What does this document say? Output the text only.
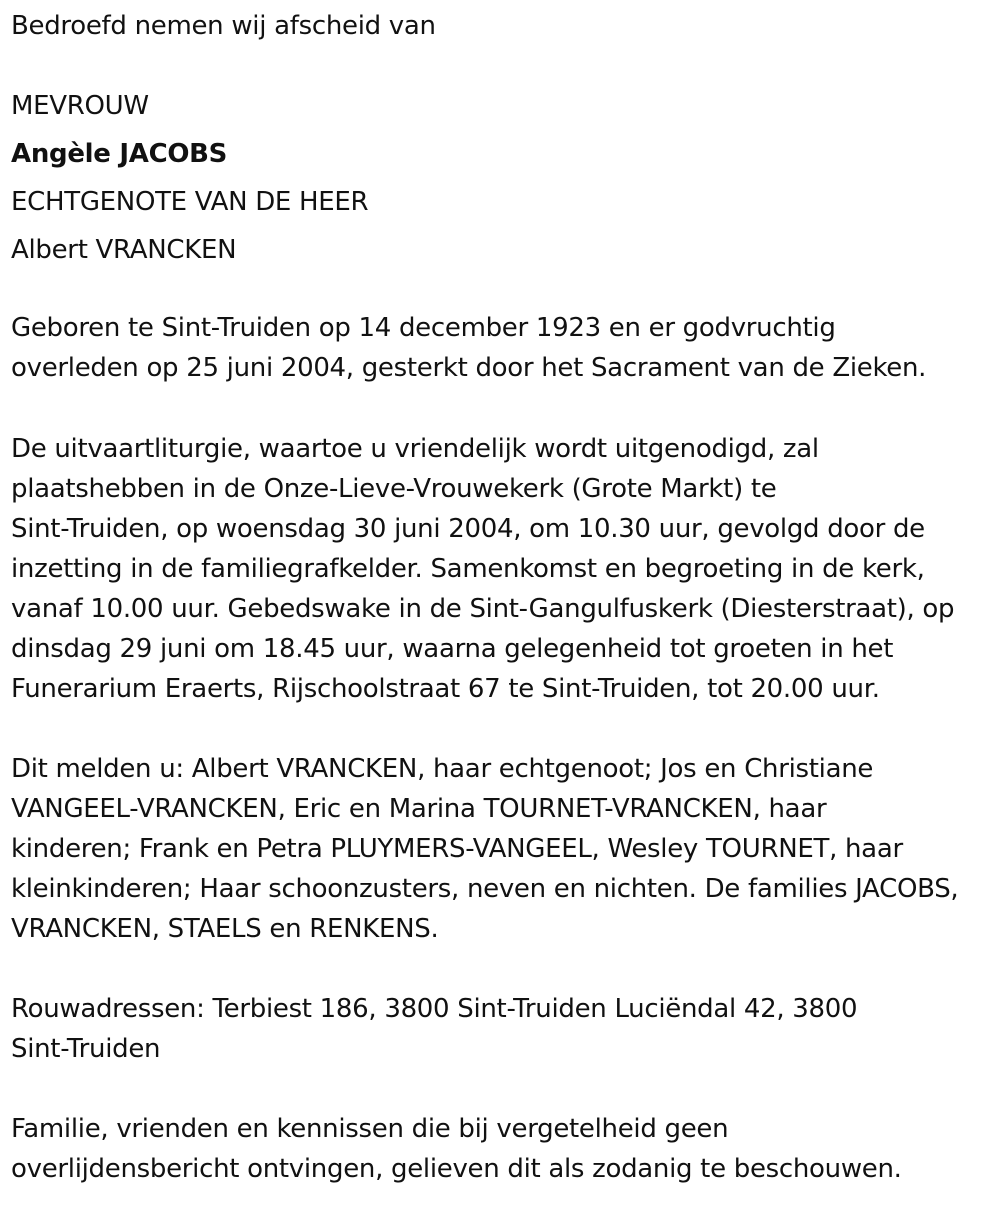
Bedroefd nemen wij afscheid van
MEVROUW
Angèle JACOBS
ECHTGENOTE VAN DE HEER
Albert VRANCKEN
Geboren te Sint-Truiden op 14 december 1923 en er godvruchtig
overleden op 25 juni 2004, gesterkt door het Sacrament van de Zieken.
De uitvaartliturgie, waartoe u vriendelijk wordt uitgenodigd, zal
plaatshebben in de Onze-Lieve-Vrouwekerk (Grote Markt) te
Sint-Truiden, op woensdag 30 juni 2004, om 10.30 uur, gevolgd door de
inzetting in de familiegrafkelder. Samenkomst en begroeting in de kerk,
vanaf 10.00 uur. Gebedswake in de Sint-Gangulfuskerk (Diesterstraat), op
dinsdag 29 juni om 18.45 uur, waarna gelegenheid tot groeten in het
Funerarium Eraerts, Rijschoolstraat 67 te Sint-Truiden, tot 20.00 uur.
Dit melden u: Albert VRANCKEN, haar echtgenoot; Jos en Christiane
VANGEEL-VRANCKEN, Eric en Marina TOURNET-VRANCKEN, haar
kinderen; Frank en Petra PLUYMERS-VANGEEL, Wesley TOURNET, haar
kleinkinderen; Haar schoonzusters, neven en nichten. De families JACOBS,
VRANCKEN, STAELS en RENKENS.
Rouwadressen: Terbiest 186, 3800 Sint-Truiden Luciëndal 42, 3800
Sint-Truiden
Familie, vrienden en kennissen die bij vergetelheid geen
overlijdensbericht ontvingen, gelieven dit als zodanig te beschouwen.
